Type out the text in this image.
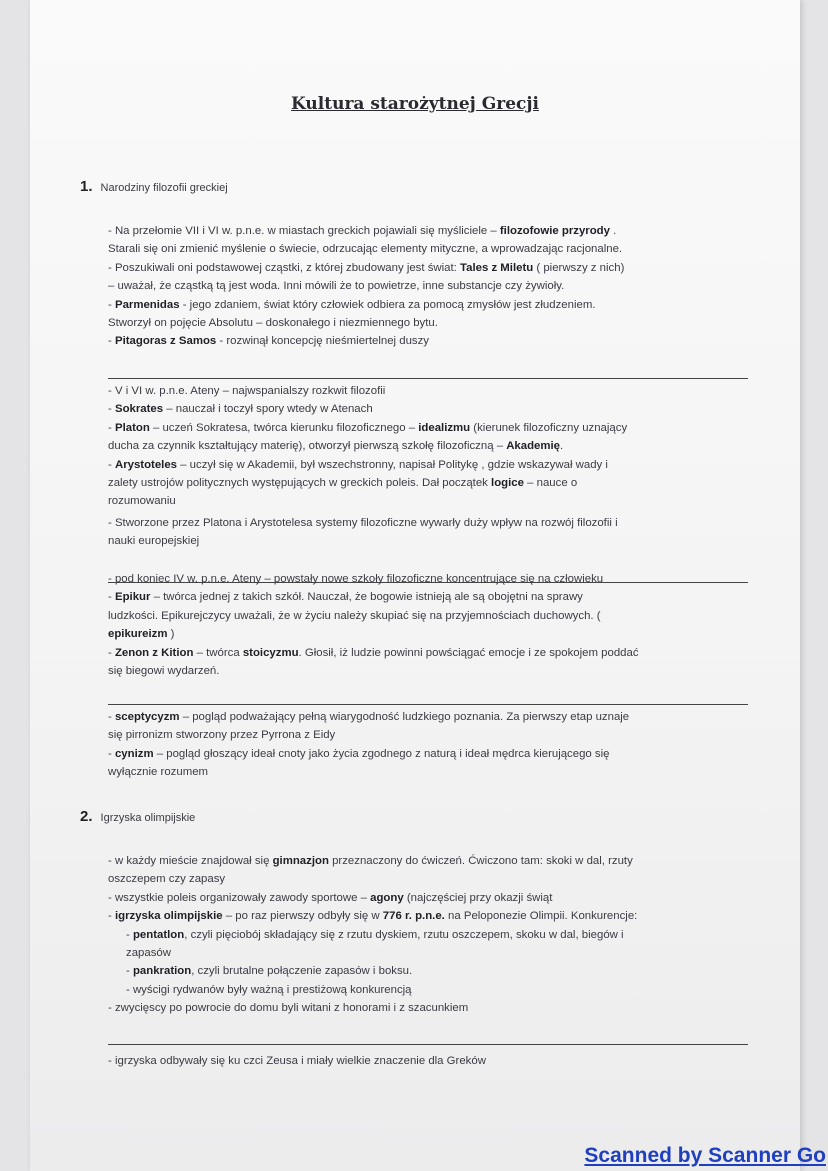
Kultura starożytnej Grecji
1. Narodziny filozofii greckiej

- Na przełomie VII i VI w. p.n.e. w miastach greckich pojawiali się myśliciele – filozofowie przyrody .

Starali się oni zmienić myślenie o świecie, odrzucając elementy mityczne, a wprowadzając racjonalne.

- Poszukiwali oni podstawowej cząstki, z której zbudowany jest świat: Tales z Miletu ( pierwszy z nich)

– uważał, że cząstką tą jest woda. Inni mówili że to powietrze, inne substancje czy żywioły.

- Parmenidas - jego zdaniem, świat który człowiek odbiera za pomocą zmysłów jest złudzeniem.

Stworzył on pojęcie Absolutu – doskonałego i niezmiennego bytu.

- Pitagoras z Samos - rozwinął koncepcję nieśmiertelnej duszy

- V i VI w. p.n.e. Ateny – najwspanialszy rozkwit filozofii

- Sokrates – nauczał i toczył spory wtedy w Atenach

- Platon – uczeń Sokratesa, twórca kierunku filozoficznego – idealizmu (kierunek filozoficzny uznający

ducha za czynnik kształtujący materię), otworzył pierwszą szkołę filozoficzną – Akademię.

- Arystoteles – uczył się w Akademii, był wszechstronny, napisał Politykę , gdzie wskazywał wady i

zalety ustrojów politycznych występujących w greckich poleis. Dał początek logice – nauce o

rozumowaniu

- Stworzone przez Platona i Arystotelesa systemy filozoficzne wywarły duży wpływ na rozwój filozofii i

nauki europejskiej

- pod koniec IV w. p.n.e. Ateny – powstały nowe szkoły filozoficzne koncentrujące się na człowieku

- Epikur – twórca jednej z takich szkół. Nauczał, że bogowie istnieją ale są obojętni na sprawy

ludzkości. Epikurejczycy uważali, że w życiu należy skupiać się na przyjemnościach duchowych. (

epikureizm )

- Zenon z Kition – twórca stoicyzmu. Głosił, iż ludzie powinni powściągać emocje i ze spokojem poddać

się biegowi wydarzeń.

- sceptycyzm – pogląd podważający pełną wiarygodność ludzkiego poznania. Za pierwszy etap uznaje

się pirronizm stworzony przez Pyrrona z Eidy

- cynizm – pogląd głoszący ideał cnoty jako życia zgodnego z naturą i ideał mędrca kierującego się

wyłącznie rozumem

2. Igrzyska olimpijskie

- w każdy mieście znajdował się gimnazjon przeznaczony do ćwiczeń. Ćwiczono tam: skoki w dal, rzuty

oszczepem czy zapasy

- wszystkie poleis organizowały zawody sportowe – agony (najczęściej przy okazji świąt

- igrzyska olimpijskie – po raz pierwszy odbyły się w 776 r. p.n.e. na Peloponezie Olimpii. Konkurencje:

- pentatlon, czyli pięciobój składający się z rzutu dyskiem, rzutu oszczepem, skoku w dal, biegów i

zapasów

- pankration, czyli brutalne połączenie zapasów i boksu.

- wyścigi rydwanów były ważną i prestiżową konkurencją

- zwycięscy po powrocie do domu byli witani z honorami i z szacunkiem

- igrzyska odbywały się ku czci Zeusa i miały wielkie znaczenie dla Greków

Scanned by Scanner Go
